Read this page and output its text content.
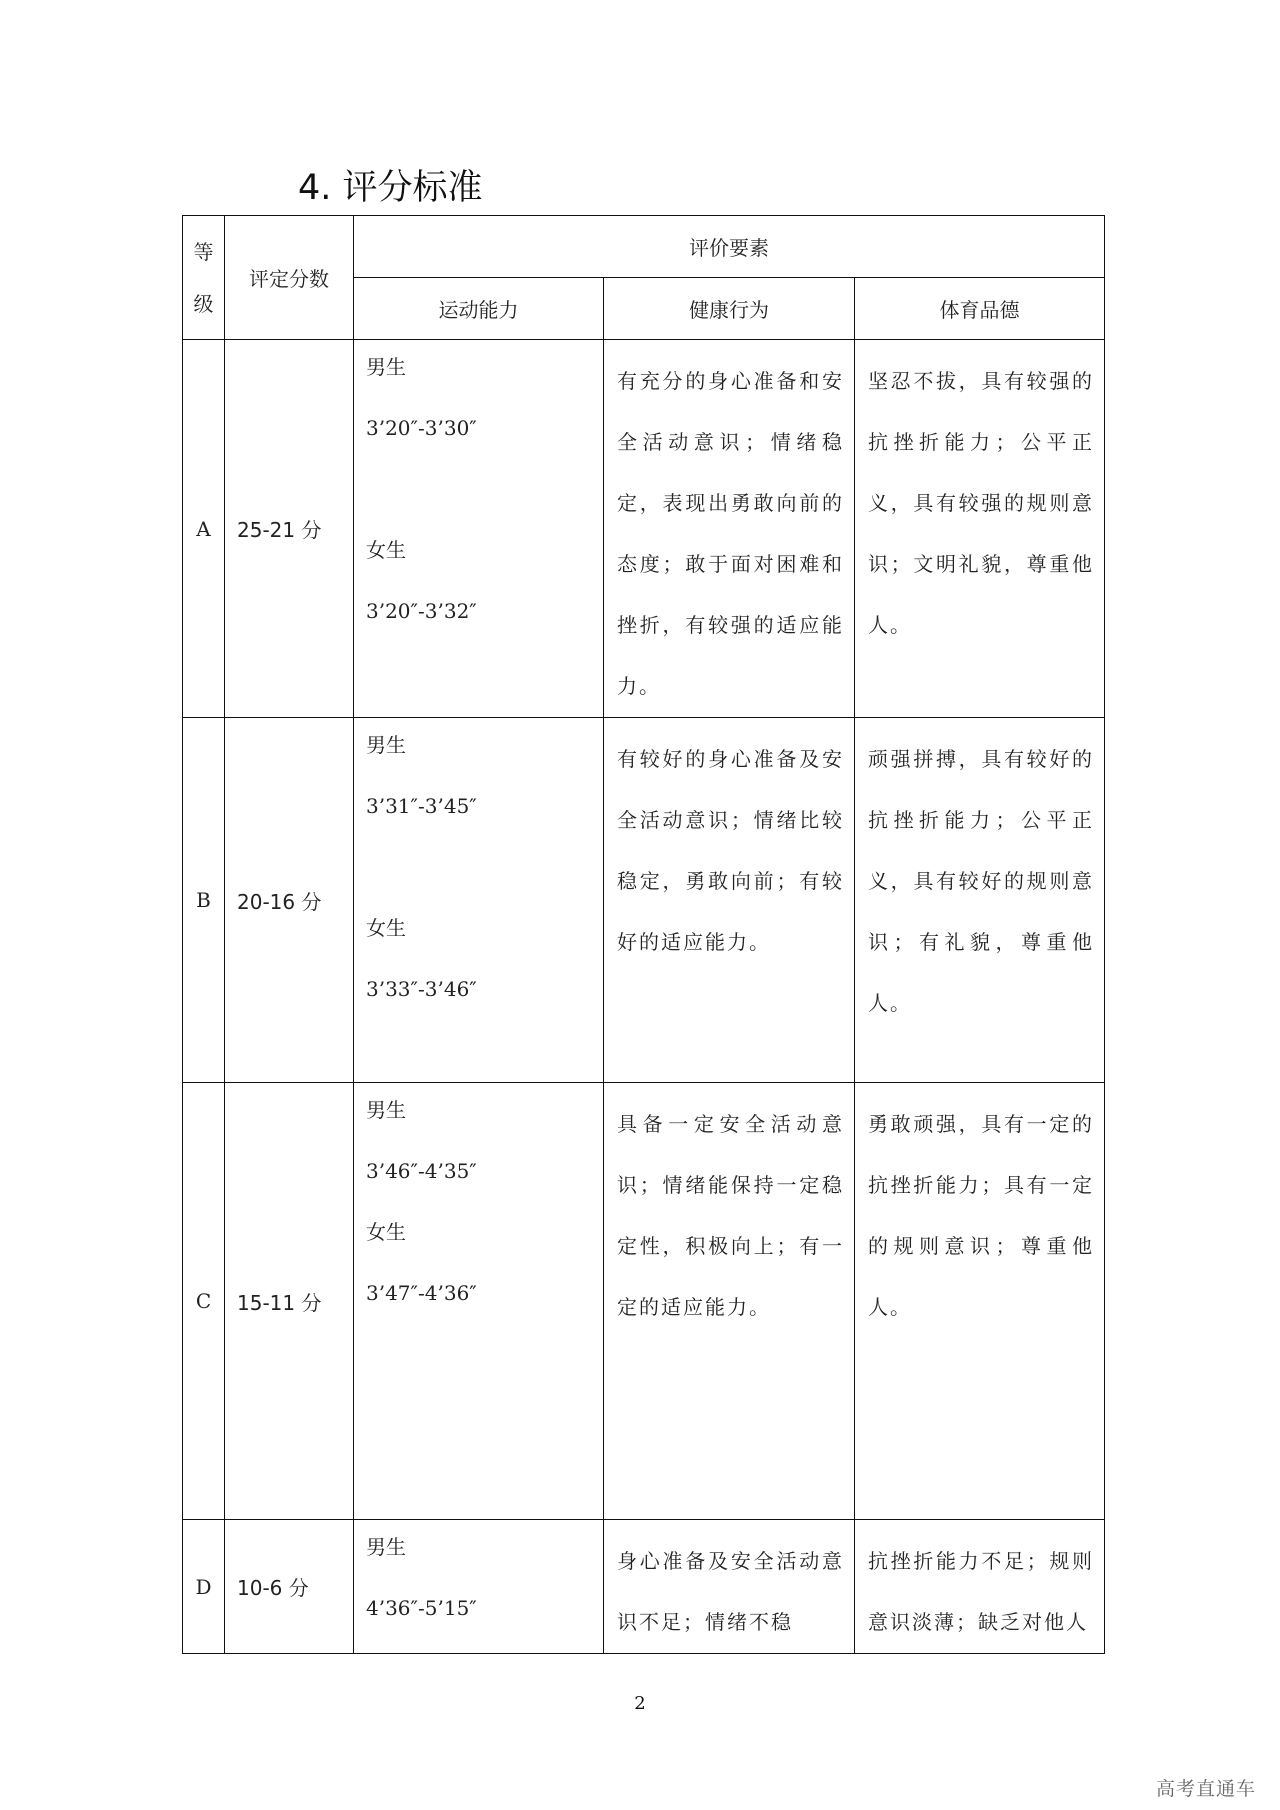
4. 评分标准
等级	评定分数	评价要素		
		运动能力	健康行为	体育品德
A	25-21 分	男生
3’20″-3’30″
女生
3’20″-3’32″	有充分的身心准备和安全活动意识；情绪稳定，表现出勇敢向前的态度；敢于面对困难和挫折，有较强的适应能力。	坚忍不拔，具有较强的抗挫折能力；公平正义，具有较强的规则意识；文明礼貌，尊重他人。
B	20-16 分	男生
3’31″-3’45″
女生
3’33″-3’46″	有较好的身心准备及安全活动意识；情绪比较稳定，勇敢向前；有较好的适应能力。	顽强拼搏，具有较好的抗挫折能力；公平正义，具有较好的规则意识；有礼貌，尊重他人。
C	15-11 分	男生
3’46″-4’35″
女生
3’47″-4’36″	具备一定安全活动意识；情绪能保持一定稳定性，积极向上；有一定的适应能力。	勇敢顽强，具有一定的抗挫折能力；具有一定的规则意识；尊重他人。
D	10-6 分	男生
4’36″-5’15″	身心准备及安全活动意识不足；情绪不稳	抗挫折能力不足；规则意识淡薄；缺乏对他人
2
高考直通车
